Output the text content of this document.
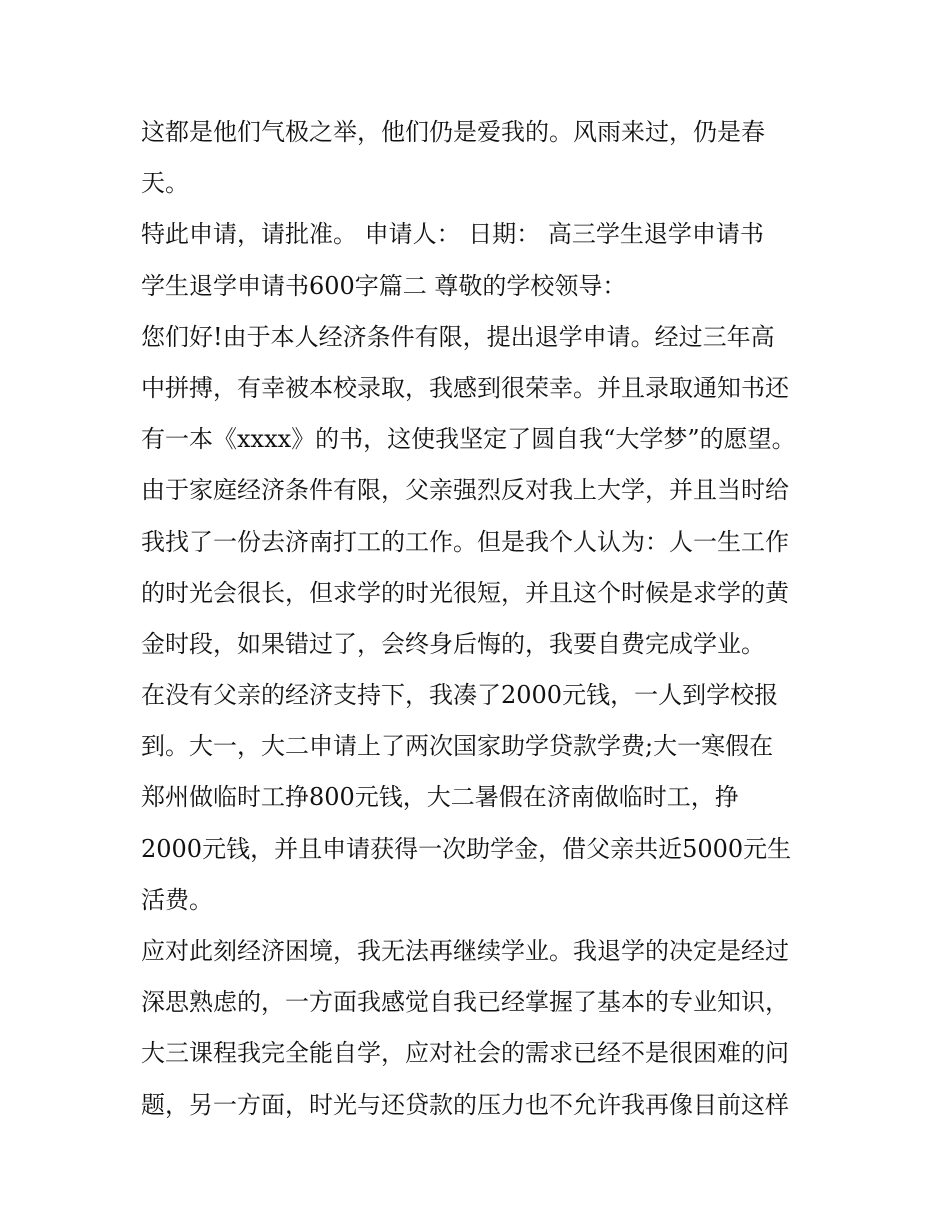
这都是他们气极之举，他们仍是爱我的。风雨来过，仍是春
天。
特此申请，请批准。 申请人： 日期： 高三学生退学申请书
学生退学申请书600字篇二 尊敬的学校领导：
您们好!由于本人经济条件有限，提出退学申请。经过三年高
中拼搏，有幸被本校录取，我感到很荣幸。并且录取通知书还
有一本《xxxx》的书，这使我坚定了圆自我“大学梦”的愿望。
由于家庭经济条件有限，父亲强烈反对我上大学，并且当时给
我找了一份去济南打工的工作。但是我个人认为：人一生工作
的时光会很长，但求学的时光很短，并且这个时候是求学的黄
金时段，如果错过了，会终身后悔的，我要自费完成学业。
在没有父亲的经济支持下，我凑了2000元钱，一人到学校报
到。大一，大二申请上了两次国家助学贷款学费;大一寒假在
郑州做临时工挣800元钱，大二暑假在济南做临时工，挣
2000元钱，并且申请获得一次助学金，借父亲共近5000元生
活费。
应对此刻经济困境，我无法再继续学业。我退学的决定是经过
深思熟虑的，一方面我感觉自我已经掌握了基本的专业知识，
大三课程我完全能自学，应对社会的需求已经不是很困难的问
题，另一方面，时光与还贷款的压力也不允许我再像目前这样
